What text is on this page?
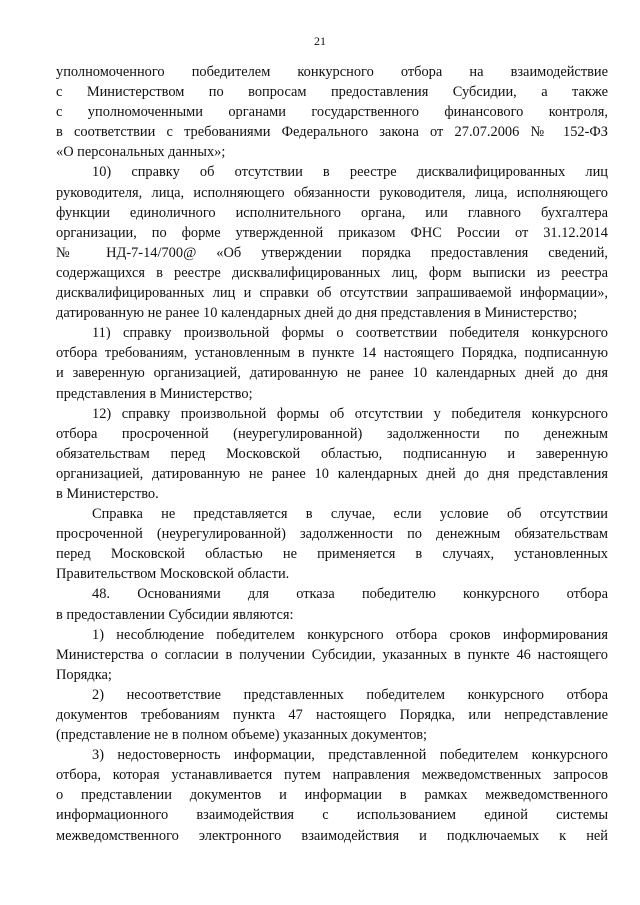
21
уполномоченного победителем конкурсного отбора на взаимодействие
с Министерством по вопросам предоставления Субсидии, а также
с уполномоченными органами государственного финансового контроля,
в соответствии с требованиями Федерального закона от 27.07.2006 № 152-ФЗ
«О персональных данных»;
10) справку об отсутствии в реестре дисквалифицированных лиц
руководителя, лица, исполняющего обязанности руководителя, лица, исполняющего
функции единоличного исполнительного органа, или главного бухгалтера
организации, по форме утвержденной приказом ФНС России от 31.12.2014
№ НД-7-14/700@ «Об утверждении порядка предоставления сведений,
содержащихся в реестре дисквалифицированных лиц, форм выписки из реестра
дисквалифицированных лиц и справки об отсутствии запрашиваемой информации»,
датированную не ранее 10 календарных дней до дня представления в Министерство;
11) справку произвольной формы о соответствии победителя конкурсного
отбора требованиям, установленным в пункте 14 настоящего Порядка, подписанную
и заверенную организацией, датированную не ранее 10 календарных дней до дня
представления в Министерство;
12) справку произвольной формы об отсутствии у победителя конкурсного
отбора просроченной (неурегулированной) задолженности по денежным
обязательствам перед Московской областью, подписанную и заверенную
организацией, датированную не ранее 10 календарных дней до дня представления
в Министерство.
Справка не представляется в случае, если условие об отсутствии
просроченной (неурегулированной) задолженности по денежным обязательствам
перед Московской областью не применяется в случаях, установленных
Правительством Московской области.
48. Основаниями для отказа победителю конкурсного отбора
в предоставлении Субсидии являются:
1) несоблюдение победителем конкурсного отбора сроков информирования
Министерства о согласии в получении Субсидии, указанных в пункте 46 настоящего
Порядка;
2) несоответствие представленных победителем конкурсного отбора
документов требованиям пункта 47 настоящего Порядка, или непредставление
(представление не в полном объеме) указанных документов;
3) недостоверность информации, представленной победителем конкурсного
отбора, которая устанавливается путем направления межведомственных запросов
о представлении документов и информации в рамках межведомственного
информационного взаимодействия с использованием единой системы
межведомственного электронного взаимодействия и подключаемых к ней
